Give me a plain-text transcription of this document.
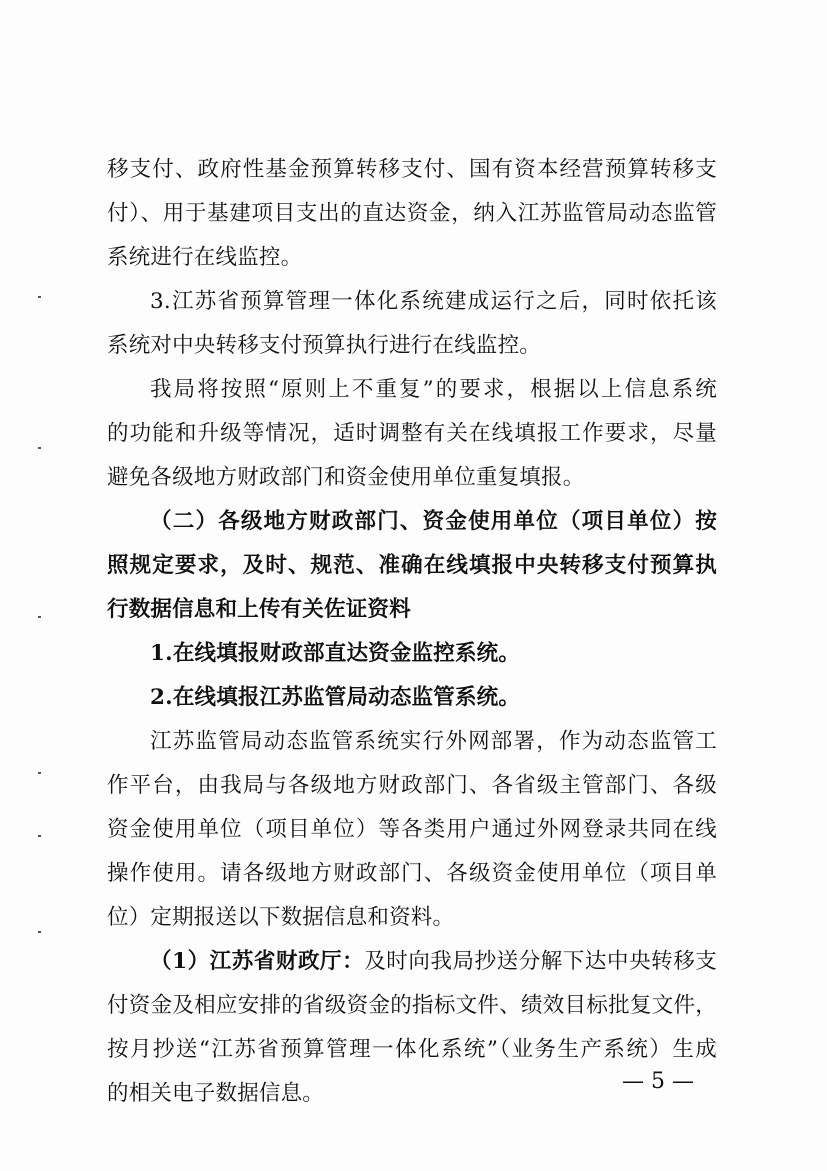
移支付、政府性基金预算转移支付、国有资本经营预算转移支
付）、用于基建项目支出的直达资金，纳入江苏监管局动态监管
系统进行在线监控。
3.江苏省预算管理一体化系统建成运行之后，同时依托该
系统对中央转移支付预算执行进行在线监控。
我局将按照“原则上不重复”的要求，根据以上信息系统
的功能和升级等情况，适时调整有关在线填报工作要求，尽量
避免各级地方财政部门和资金使用单位重复填报。
（二）各级地方财政部门、资金使用单位（项目单位）按
照规定要求，及时、规范、准确在线填报中央转移支付预算执
行数据信息和上传有关佐证资料
1.在线填报财政部直达资金监控系统。
2.在线填报江苏监管局动态监管系统。
江苏监管局动态监管系统实行外网部署，作为动态监管工
作平台，由我局与各级地方财政部门、各省级主管部门、各级
资金使用单位（项目单位）等各类用户通过外网登录共同在线
操作使用。请各级地方财政部门、各级资金使用单位（项目单
位）定期报送以下数据信息和资料。
（1）江苏省财政厅：及时向我局抄送分解下达中央转移支
付资金及相应安排的省级资金的指标文件、绩效目标批复文件，
按月抄送“江苏省预算管理一体化系统”（业务生产系统）生成
的相关电子数据信息。	— 5 —
